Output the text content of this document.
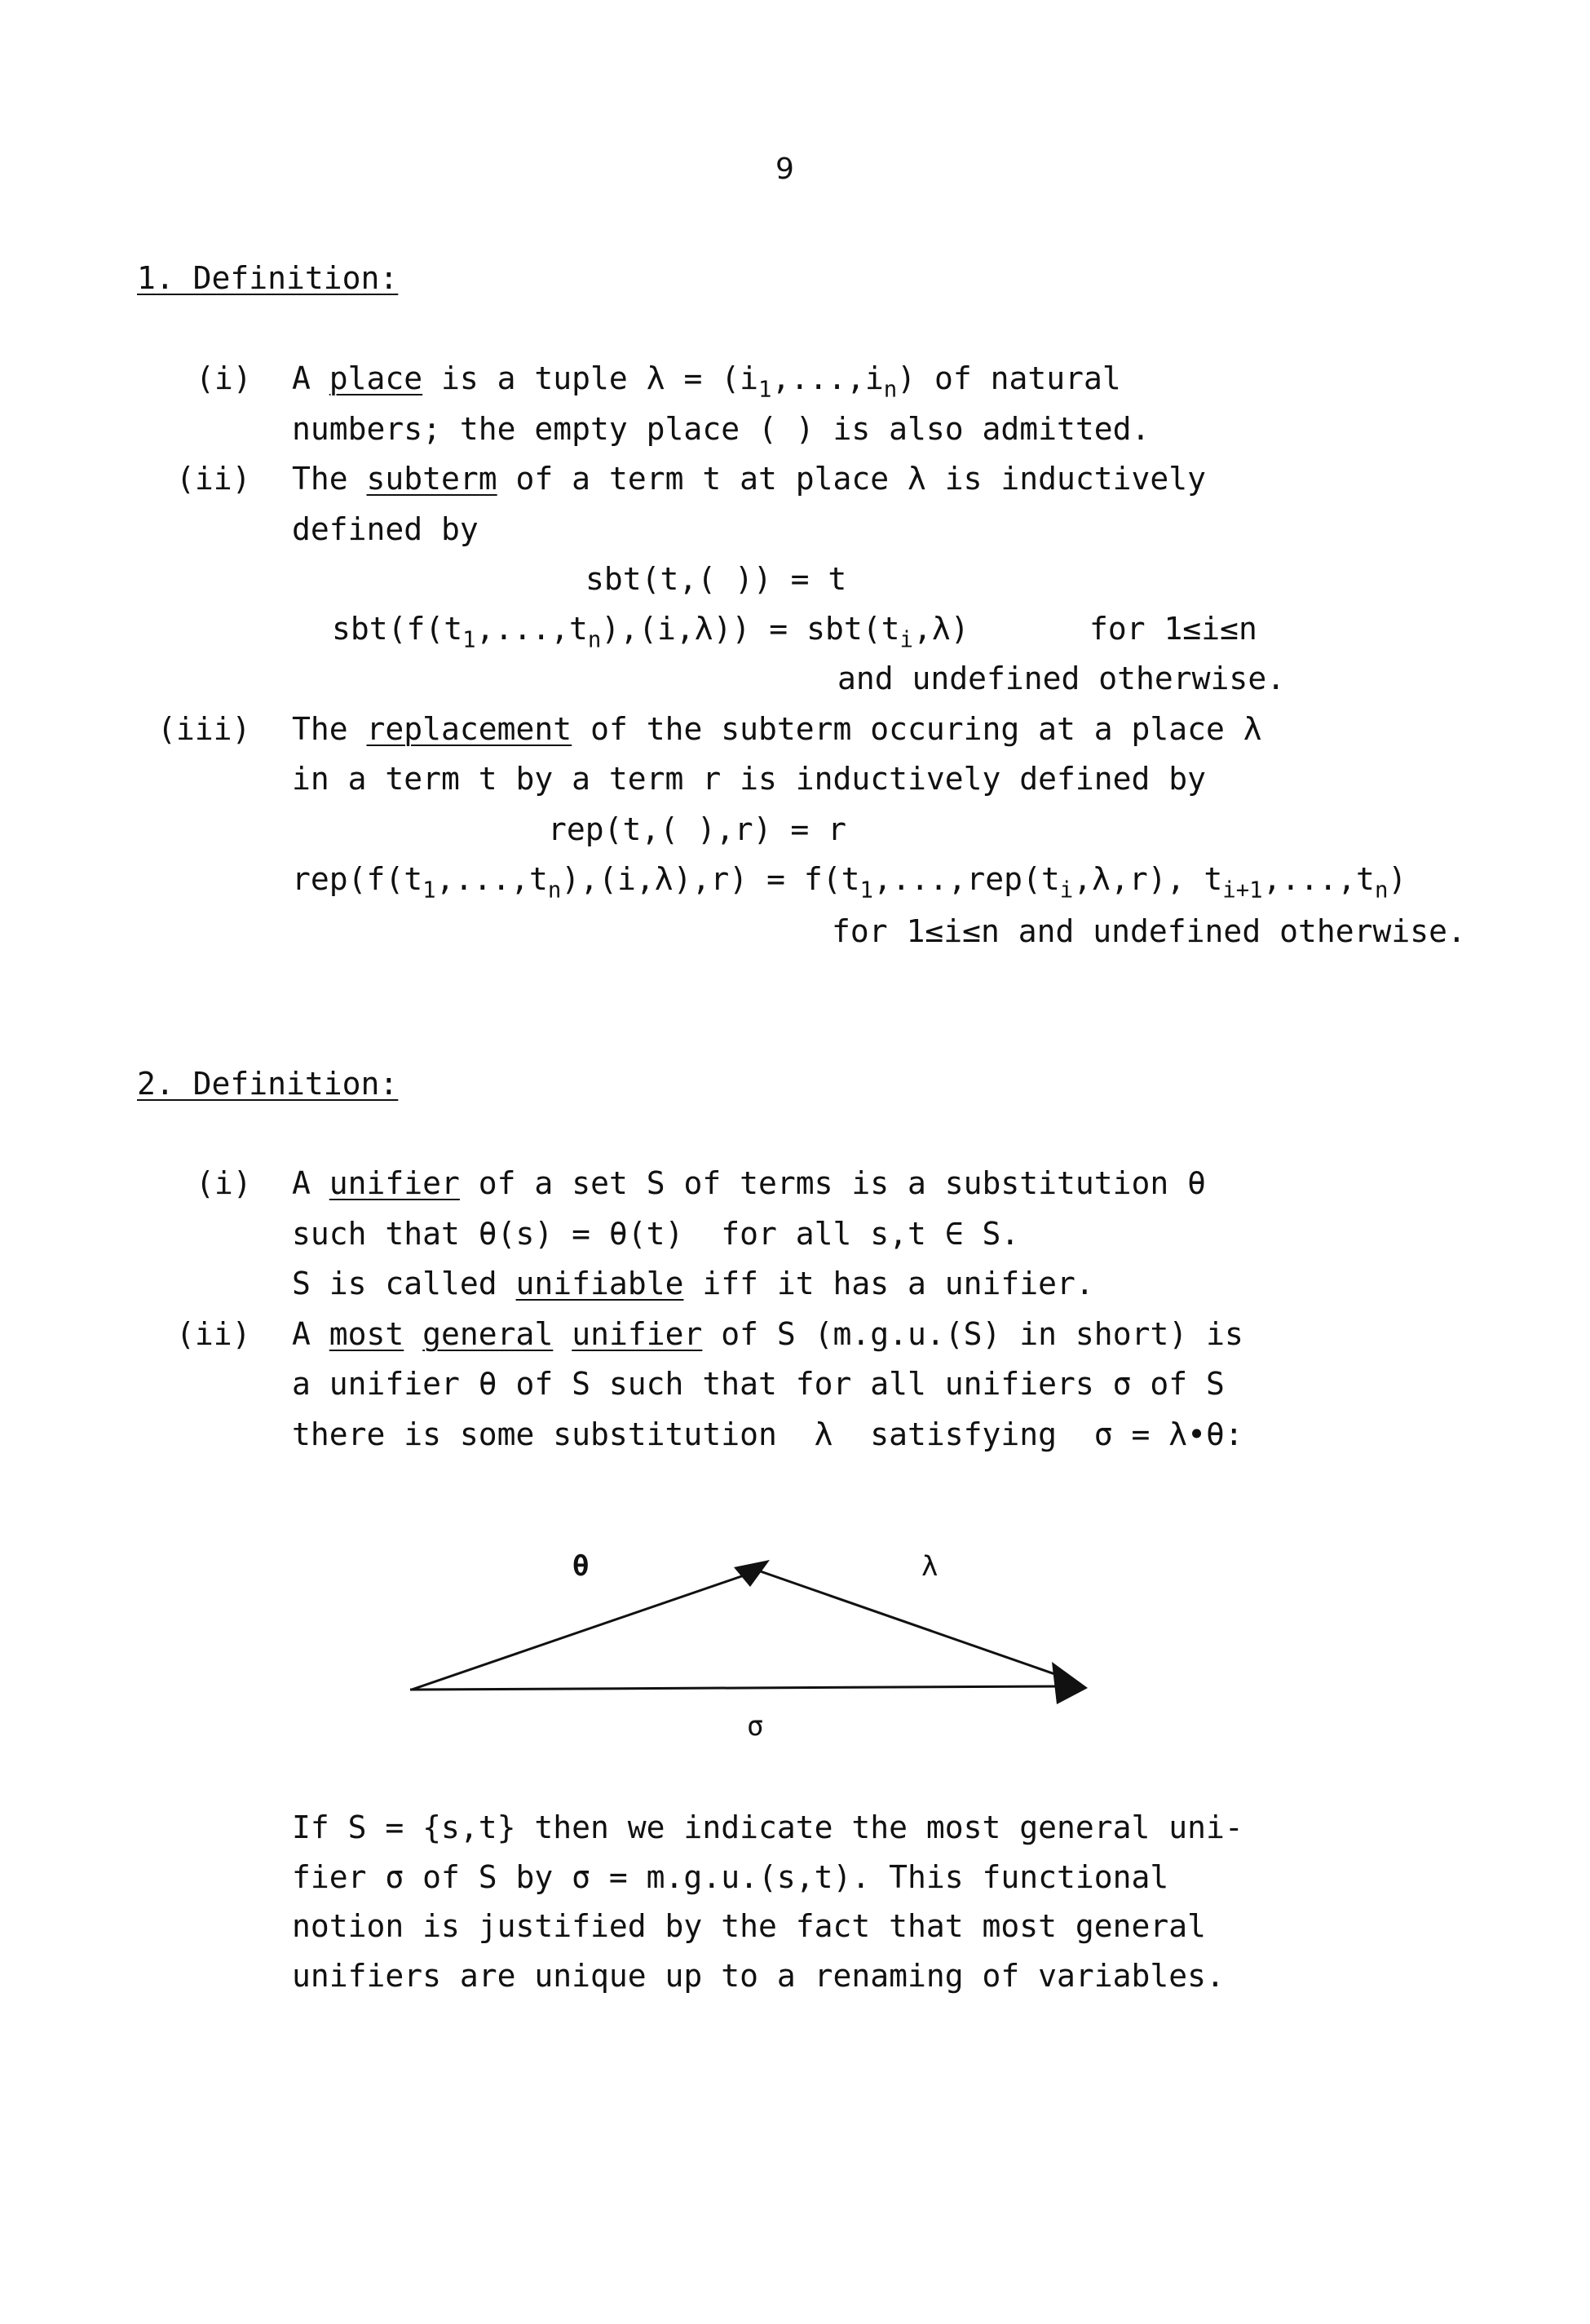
9
1. Definition:
(i) A place is a tuple $\lambda = (i_1,...,i_n)$ of natural
numbers; the empty place ( ) is also admitted.
(ii) The subterm of a term t at place λ is inductively
defined by
sbt(t,( )) = t
$sbt(f(t_1,...,t_n),(i,\lambda)) = sbt(t_i,\lambda)$	for 1≤i≤n
and undefined otherwise.
(iii) The replacement of the subterm occuring at a place λ
in a term t by a term r is inductively defined by
rep(t,( ),r) = r
$rep(f(t_1,...,t_n),(i,\lambda),r) = f(t_1,...,rep(t_i,\lambda,r)$, $t_{i+1},...,t_n$)
for 1≤i≤n and undefined otherwise.
2. Definition:
(i) A unifier of a set S of terms is a substitution θ
such that θ(s) = θ(t)  for all s,t ∈ S.
S is called unifiable iff it has a unifier.
(ii) A most general unifier of S (m.g.u.(S) in short) is
a unifier θ of S such that for all unifiers σ of S
there is some substitution  λ  satisfying  σ = λ•θ:
θ	λ
σ
If S = {s,t} then we indicate the most general uni-
fier σ of S by σ = m.g.u.(s,t). This functional
notion is justified by the fact that most general
unifiers are unique up to a renaming of variables.
